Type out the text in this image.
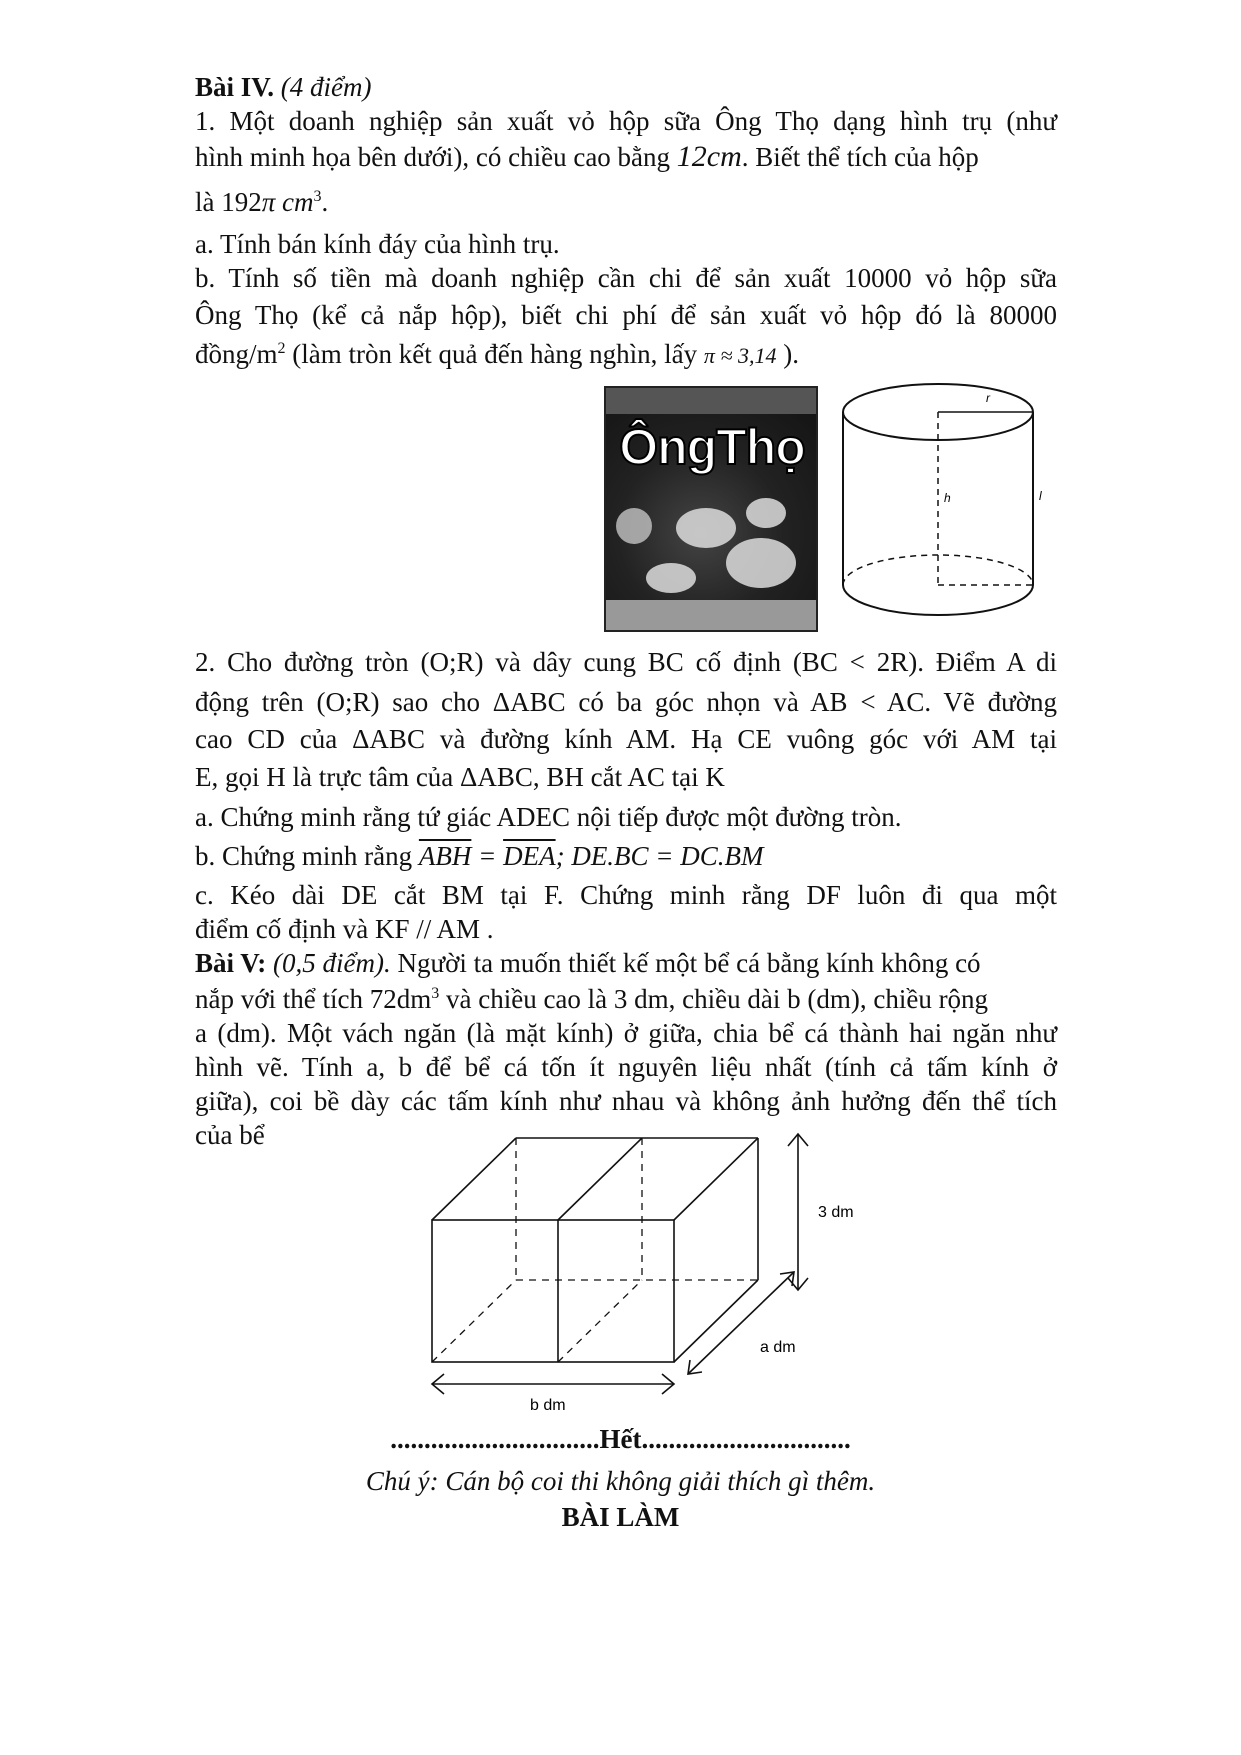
Bài IV. (4 điểm)
1. Một doanh nghiệp sản xuất vỏ hộp sữa Ông Thọ dạng hình trụ (như
hình minh họa bên dưới), có chiều cao bằng 12cm. Biết thể tích của hộp
là 192π $cm^3$.
a. Tính bán kính đáy của hình trụ.
b. Tính số tiền mà doanh nghiệp cần chi để sản xuất 10000 vỏ hộp sữa
Ông Thọ (kể cả nắp hộp), biết chi phí để sản xuất vỏ hộp đó là 80000
đồng/$m^2$ (làm tròn kết quả đến hàng nghìn, lấy π ≈ 3,14 ).
ÔngThọ
r
h	l
2. Cho đường tròn (O;R) và dây cung BC cố định (BC < 2R). Điểm A di
động trên (O;R) sao cho ΔABC có ba góc nhọn và AB < AC. Vẽ đường
cao CD của ΔABC và đường kính AM. Hạ CE vuông góc với AM tại
E, gọi H là trực tâm của ΔABC, BH cắt AC tại K
a. Chứng minh rằng tứ giác ADEC nội tiếp được một đường tròn.
b. Chứng minh rằng $\overline{ABH} = \overline{DEA}$; DE.BC = DC.BM
c. Kéo dài DE cắt BM tại F. Chứng minh rằng DF luôn đi qua một
điểm cố định và KF // AM .
Bài V: (0,5 điểm). Người ta muốn thiết kế một bể cá bằng kính không có
nắp với thể tích $72dm^3$ và chiều cao là 3 dm, chiều dài b (dm), chiều rộng
a (dm). Một vách ngăn (là mặt kính) ở giữa, chia bể cá thành hai ngăn như
hình vẽ. Tính a, b để bể cá tốn ít nguyên liệu nhất (tính cả tấm kính ở
giữa), coi bề dày các tấm kính như nhau và không ảnh hưởng đến thể tích
của bể
3 dm
a dm
b dm
...............................Hết...............................
Chú ý: Cán bộ coi thi không giải thích gì thêm.
BÀI LÀM
